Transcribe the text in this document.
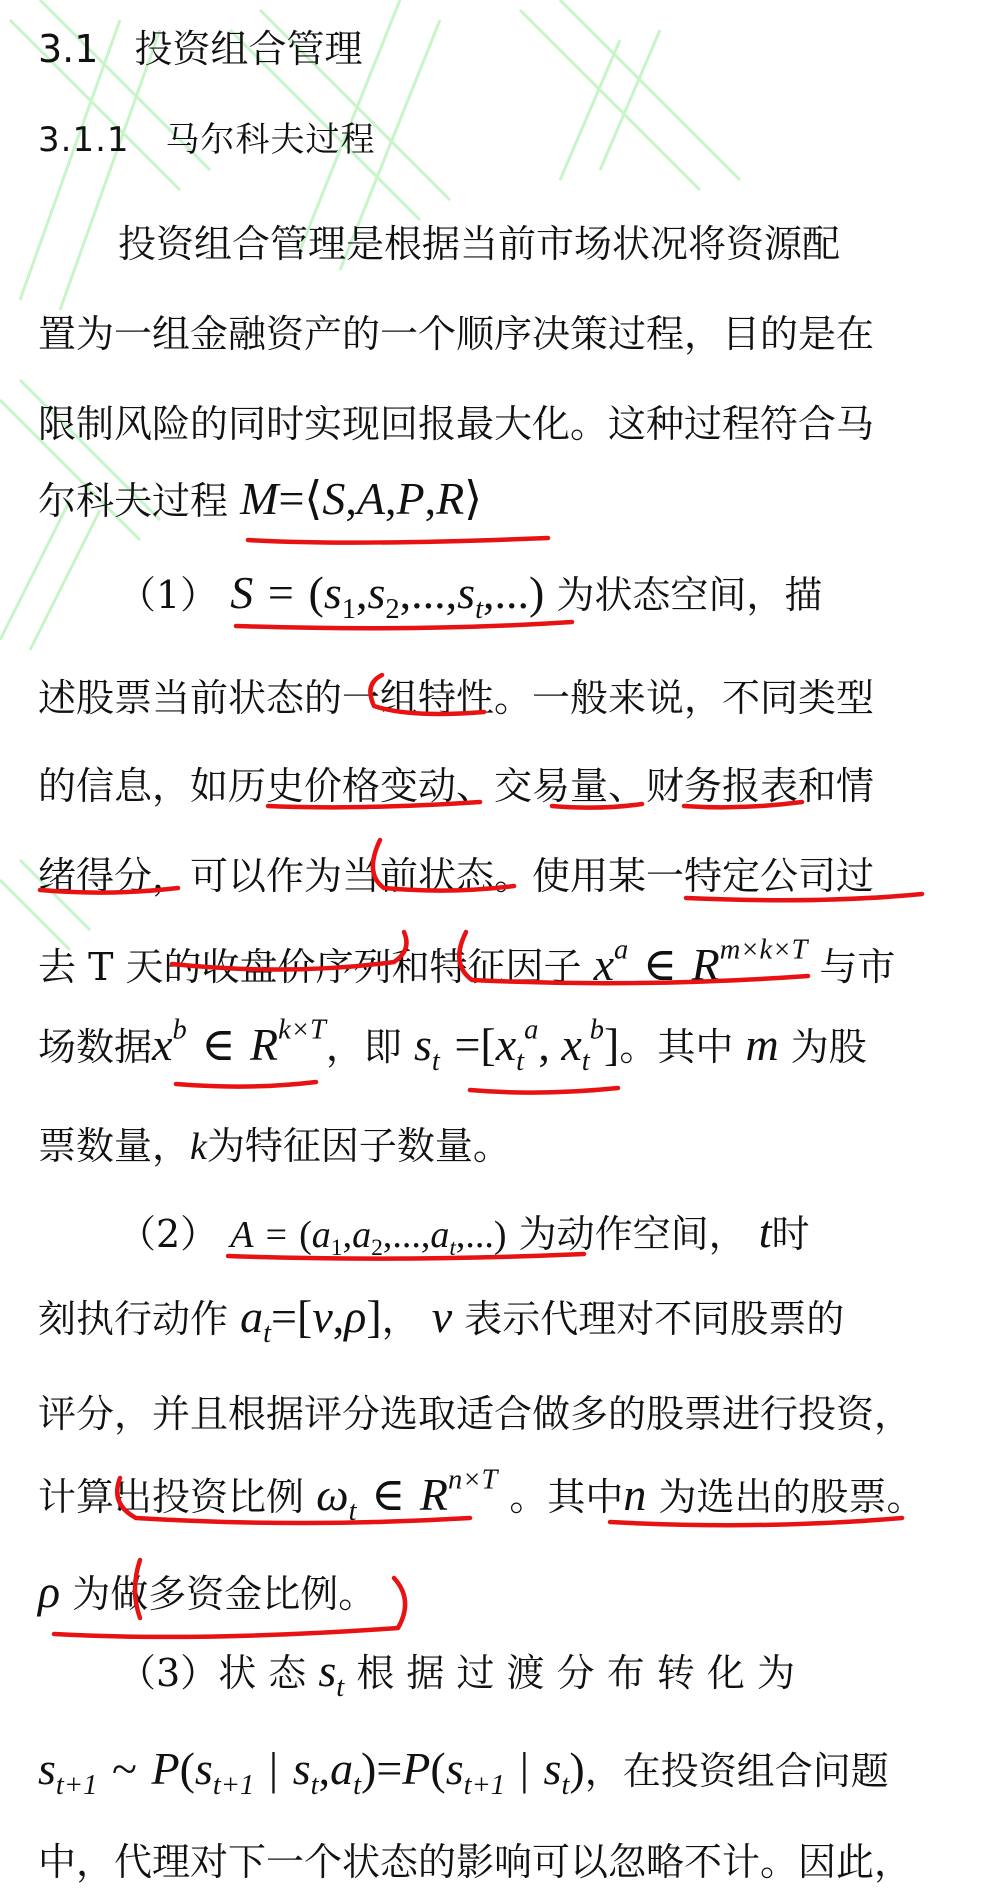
3.1 投资组合管理
3.1.1 马尔科夫过程
投资组合管理是根据当前市场状况将资源配
置为一组金融资产的一个顺序决策过程，目的是在
限制风险的同时实现回报最大化。这种过程符合马
尔科夫过程 M=⟨S,A,P,R⟩
（1） $S = (s_1,s_2,...,s_t,...)$ 为状态空间，描
述股票当前状态的一组特性。一般来说，不同类型
的信息，如历史价格变动、交易量、财务报表和情
绪得分，可以作为当前状态。使用某一特定公司过
去 T 天的收盘价序列和特征因子 $x^a$ ∈ $R^{m\times k\times T}$ 与市
场数据$x^b$ ∈ $R^{k\times T}$，即 $s_t =[x_t^a$, $x_t^b$]。其中 m 为股
票数量，k为特征因子数量。
（2） $A = (a_1,a_2,...,a_t,...)$ 为动作空间， t时
刻执行动作 $a_t=[v,\rho]$， v 表示代理对不同股票的
评分，并且根据评分选取适合做多的股票进行投资，
计算出投资比例 $\omega_t$ ∈ $R^{n\times T}$ 。其中n 为选出的股票。
ρ 为做多资金比例。
（3）状 态 $s_t$ 根 据 过 渡 分 布 转 化 为
$s_{t+1}$ ~ $P(s_{t+1}$ | $s_t,a_t)=P(s_{t+1}$ | $s_t$)，在投资组合问题
中，代理对下一个状态的影响可以忽略不计。因此，
